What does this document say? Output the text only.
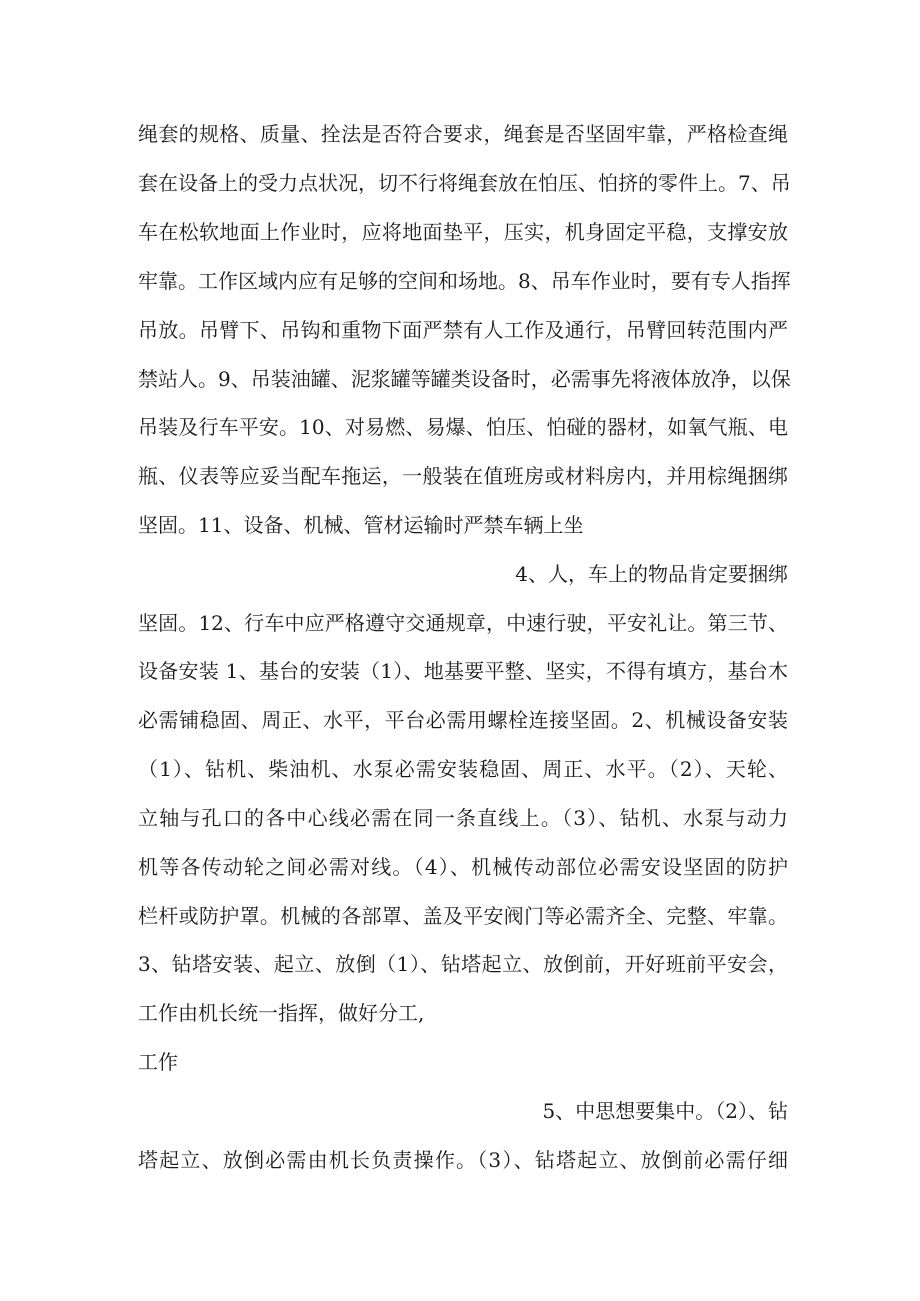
绳套的规格、质量、拴法是否符合要求，绳套是否坚固牢靠，严格检查绳
套在设备上的受力点状况，切不行将绳套放在怕压、怕挤的零件上。7、吊
车在松软地面上作业时，应将地面垫平，压实，机身固定平稳，支撑安放
牢靠。工作区域内应有足够的空间和场地。8、吊车作业时，要有专人指挥
吊放。吊臂下、吊钩和重物下面严禁有人工作及通行，吊臂回转范围内严
禁站人。9、吊装油罐、泥浆罐等罐类设备时，必需事先将液体放净，以保
吊装及行车平安。10、对易燃、易爆、怕压、怕碰的器材，如氧气瓶、电
瓶、仪表等应妥当配车拖运，一般装在值班房或材料房内，并用棕绳捆绑
坚固。11、设备、机械、管材运输时严禁车辆上坐
4、人，车上的物品肯定要捆绑
坚固。12、行车中应严格遵守交通规章，中速行驶，平安礼让。第三节、
设备安装 1、基台的安装（1）、地基要平整、坚实，不得有填方，基台木
必需铺稳固、周正、水平，平台必需用螺栓连接坚固。2、机械设备安装
（1）、钻机、柴油机、水泵必需安装稳固、周正、水平。（2）、天轮、
立轴与孔口的各中心线必需在同一条直线上。（3）、钻机、水泵与动力
机等各传动轮之间必需对线。（4）、机械传动部位必需安设坚固的防护
栏杆或防护罩。机械的各部罩、盖及平安阀门等必需齐全、完整、牢靠。
3、钻塔安装、起立、放倒（1）、钻塔起立、放倒前，开好班前平安会，
工作由机长统一指挥，做好分工,
工作
5、中思想要集中。（2）、钻
塔起立、放倒必需由机长负责操作。（3）、钻塔起立、放倒前必需仔细
